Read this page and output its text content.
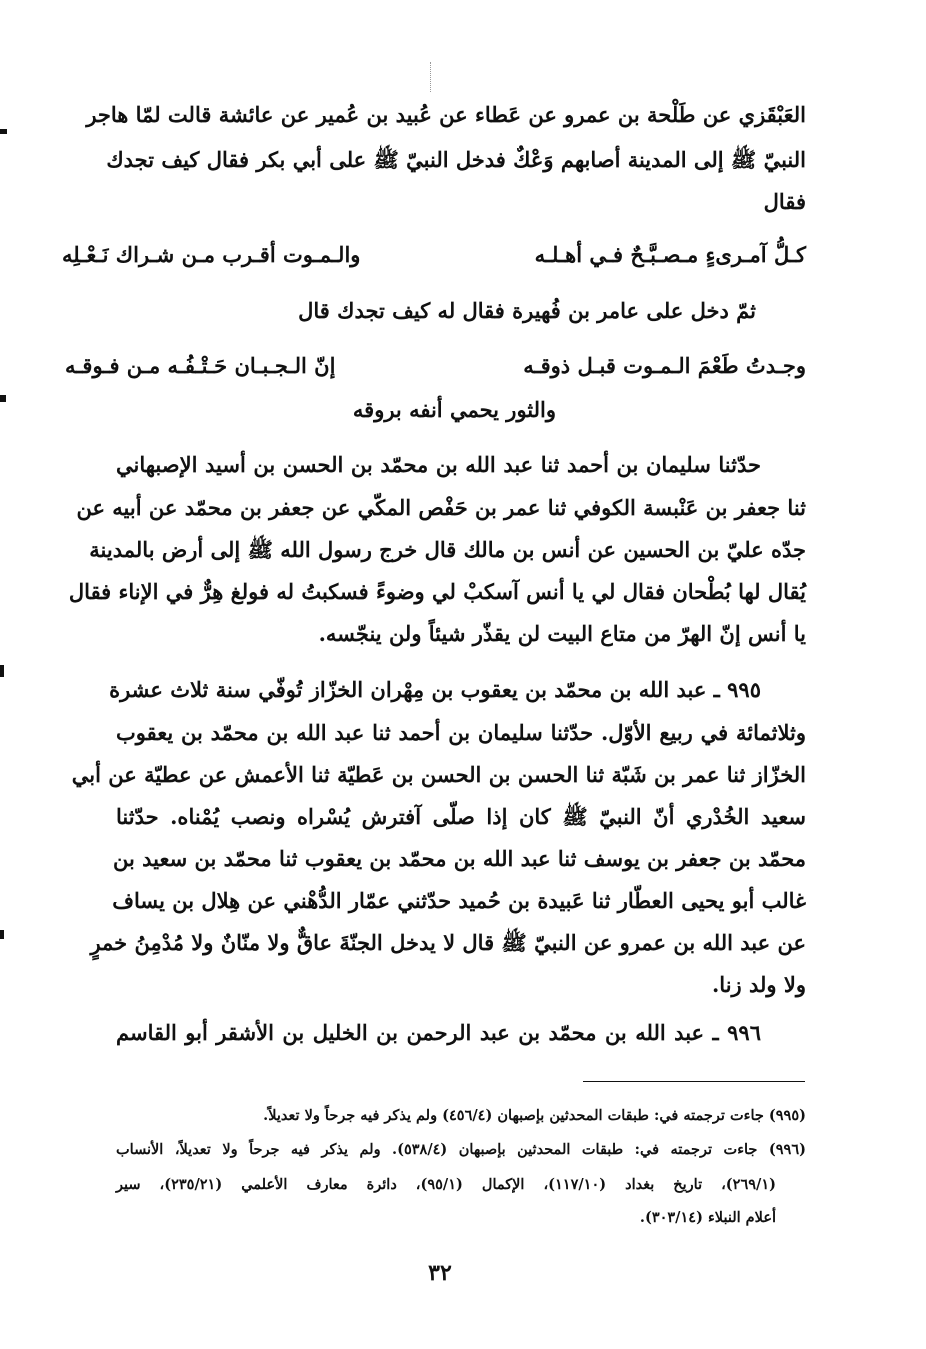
العَبْقَزي عن طَلْحة بن عمرو عن عَطاء عن عُبيد بن عُمير عن عائشة قالت لمّا هاجر
النبيّ ﷺ إلى المدينة أصابهم وَعْكٌ فدخل النبيّ ﷺ على أبي بكر فقال كيف تجدك
فقال
كـلُّ آمـرىءٍ مـصـبَّـحٌ فـي أهـلـه
والـمـوت أقـرب مـن شـراك نَـعْـلِه
ثمّ دخل على عامر بن فُهيرة فقال له كيف تجدك قال
وجـدتُ طَعْمَ الـمـوت قبـل ذوقـه
إنّ الـجـبـان حَـتْـفُـه مـن فـوقـه
والثور يحمي أنفه بروقه
حدّثنا سليمان بن أحمد ثنا عبد الله بن محمّد بن الحسن بن أسيد الإصبهاني
ثنا جعفر بن عَنْبسة الكوفي ثنا عمر بن حَفْص المكّي عن جعفر بن محمّد عن أبيه عن
جدّه عليّ بن الحسين عن أنس بن مالك قال خرج رسول الله ﷺ إلى أرض بالمدينة
يُقال لها بُطْحان فقال لي يا أنس آسكبْ لي وضوءً فسكبتُ له فولغ هِرٌّ في الإناء فقال
يا أنس إنّ الهرّ من متاع البيت لن يقذّر شيئاً ولن ينجّسه.
٩٩٥ ـ عبد الله بن محمّد بن يعقوب بن مِهْران الخزّاز تُوفّي سنة ثلاث عشرة
وثلاثمائة في ربيع الأوّل. حدّثنا سليمان بن أحمد ثنا عبد الله بن محمّد بن يعقوب
الخزّاز ثنا عمر بن شَبّة ثنا الحسن بن الحسن بن عَطيّة ثنا الأعمش عن عطيّة عن أبي
سعيد الخُدْري أنّ النبيّ ﷺ كان إذا صلّى آفترش يُسْراه ونصب يُمْناه. حدّثنا
محمّد بن جعفر بن يوسف ثنا عبد الله بن محمّد بن يعقوب ثنا محمّد بن سعيد بن
غالب أبو يحيى العطّار ثنا عَبيدة بن حُميد حدّثني عمّار الدُّهْني عن هِلال بن يساف
عن عبد الله بن عمرو عن النبيّ ﷺ قال لا يدخل الجنّةَ عاقٌّ ولا منّانٌ ولا مُدْمِنُ خمرٍ
ولا ولد زنا.
٩٩٦ ـ عبد الله بن محمّد بن عبد الرحمن بن الخليل بن الأشقر أبو القاسم
(٩٩٥) جاءت ترجمته في: طبقات المحدثين بإصبهان (٤٥٦/٤) ولم يذكر فيه جرحاً ولا تعديلاً.
(٩٩٦) جاءت ترجمته في: طبقات المحدثين بإصبهان (٥٣٨/٤). ولم يذكر فيه جرحاً ولا تعديلاً، الأنساب
(٢٦٩/١)، تاريخ بغداد (١١٧/١٠)، الإكمال (٩٥/١)، دائرة معارف الأعلمي (٢٣٥/٢١)، سير
أعلام النبلاء (٣٠٣/١٤).
٣٢
